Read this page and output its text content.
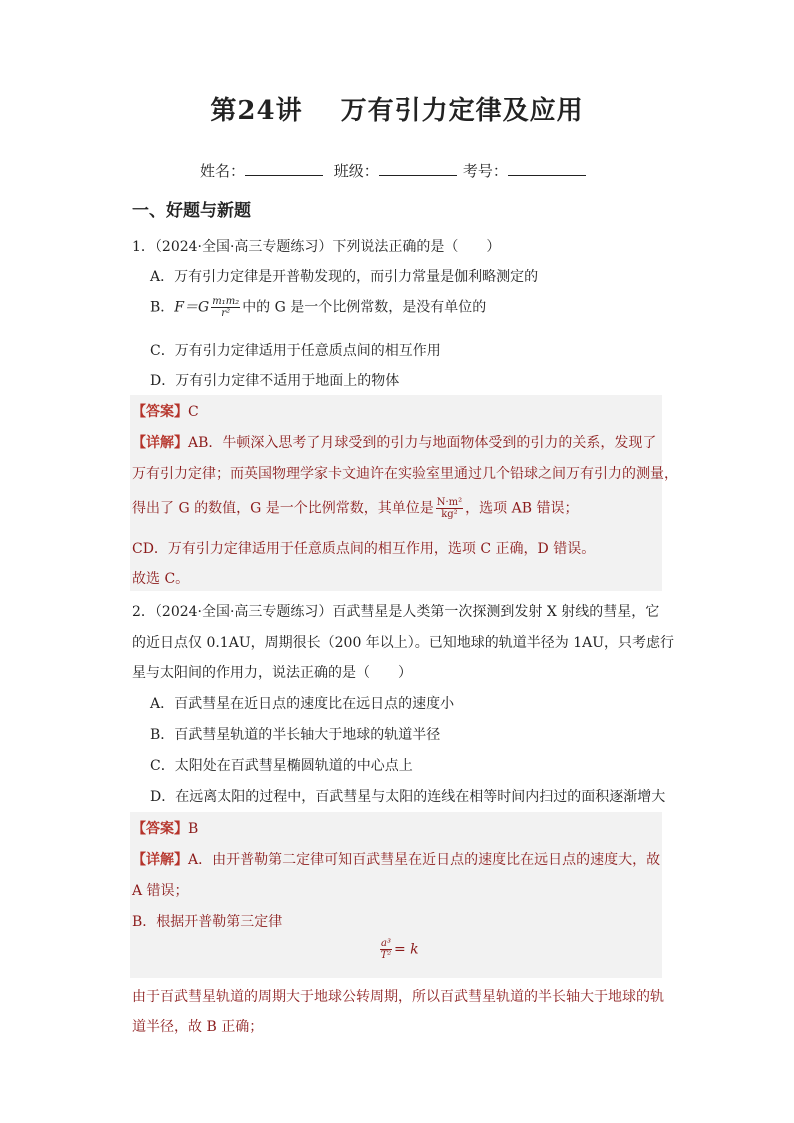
第24讲 万有引力定律及应用
姓名：	班级：	考号：
一、好题与新题
1．（2024·全国·高三专题练习）下列说法正确的是（　　）
A．万有引力定律是开普勒发现的，而引力常量是伽利略测定的
B．$F=G \frac{\text{m₁m₂}}{\text{r²}}$ 中的 G 是一个比例常数，是没有单位的
C．万有引力定律适用于任意质点间的相互作用
D．万有引力定律不适用于地面上的物体
【答案】C
【详解】AB．牛顿深入思考了月球受到的引力与地面物体受到的引力的关系，发现了
万有引力定律；而英国物理学家卡文迪许在实验室里通过几个铅球之间万有引力的测量，
得出了 G 的数值，G 是一个比例常数，其单位是 $\frac{\text{N·m²}}{\text{kg²}}$ ，选项 AB 错误；
CD．万有引力定律适用于任意质点间的相互作用，选项 C 正确，D 错误。
故选 C。
2．（2024·全国·高三专题练习）百武彗星是人类第一次探测到发射 X 射线的彗星，它
的近日点仅 0.1AU，周期很长（200 年以上）。已知地球的轨道半径为 1AU，只考虑行
星与太阳间的作用力，说法正确的是（　　）
A．百武彗星在近日点的速度比在远日点的速度小
B．百武彗星轨道的半长轴大于地球的轨道半径
C．太阳处在百武彗星椭圆轨道的中心点上
D．在远离太阳的过程中，百武彗星与太阳的连线在相等时间内扫过的面积逐渐增大
【答案】B
【详解】A．由开普勒第二定律可知百武彗星在近日点的速度比在远日点的速度大，故
A 错误；
B．根据开普勒第三定律
$\frac{\text{a³}}{\text{T²}} = k$
由于百武彗星轨道的周期大于地球公转周期，所以百武彗星轨道的半长轴大于地球的轨
道半径，故 B 正确；
